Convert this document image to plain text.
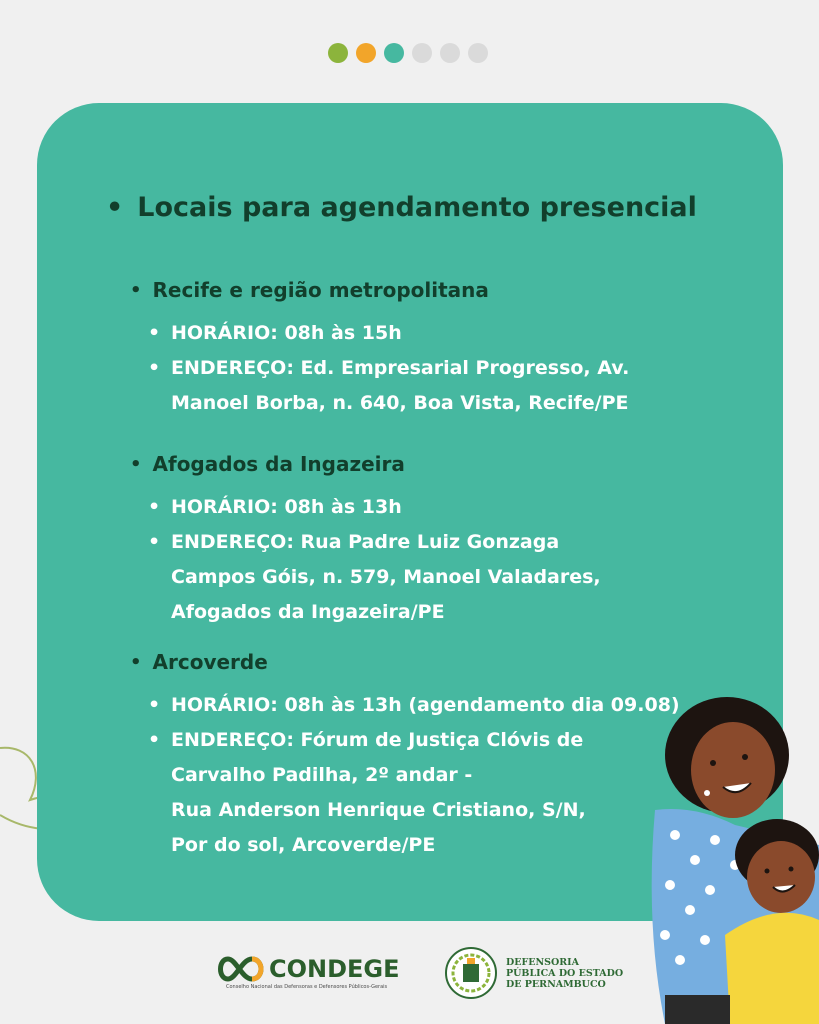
• Locais para agendamento presencial
• Recife e região metropolitana
• HORÁRIO: 08h às 15h
• ENDEREÇO: Ed. Empresarial Progresso, Av.
Manoel Borba, n. 640, Boa Vista, Recife/PE
• Afogados da Ingazeira
• HORÁRIO: 08h às 13h
• ENDEREÇO: Rua Padre Luiz Gonzaga
Campos Góis, n. 579, Manoel Valadares,
Afogados da Ingazeira/PE
• Arcoverde
• HORÁRIO: 08h às 13h (agendamento dia 09.08)
• ENDEREÇO: Fórum de Justiça Clóvis de
Carvalho Padilha, 2º andar -
Rua Anderson Henrique Cristiano, S/N,
Por do sol, Arcoverde/PE
CONDEGE
Conselho Nacional das Defensoras e Defensores Públicos-Gerais
DEFENSORIA
PÚBLICA DO ESTADO
DE PERNAMBUCO
